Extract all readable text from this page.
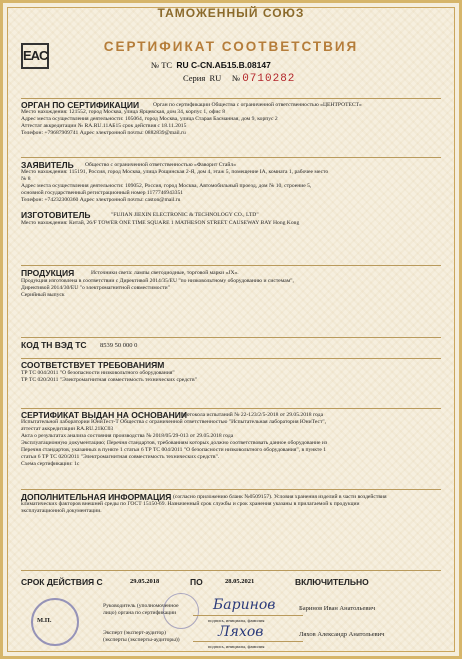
ТАМОЖЕННЫЙ СОЮЗ
EAC
СЕРТИФИКАТ СООТВЕТСТВИЯ
№ ТС RU C-CN.АБ15.B.08147
Серия RU № 0710282
ОРГАН ПО СЕРТИФИКАЦИИ Орган по сертификации Общества с ограниченной ответственностью «ЦЕНТРОТЕСТ»
Место нахождения: 121552, город Москва, улица Ярцевская, дом 34, корпус 1, офис 8
Адрес места осуществления деятельности: 105064, город Москва, улица Старая Басманная, дом 9, корпус 2
Аттестат аккредитации № RA.RU.11АБ15 срок действия с 18.11.2015
Телефон: +79687909741 Адрес электронной почты: 0882839@mail.ru
ЗАЯВИТЕЛЬ Общество с ограниченной ответственностью «Фаворит Стайл»
Место нахождения: 115191, Россия, город Москва, улица Рощинская 2-Я, дом 4, этаж 5, помещение IA, комната 1, рабочее место
№ 8
Адрес места осуществления деятельности: 109052, Россия, город Москва, Автомобильный проезд, дом № 10, строение 5,
основной государственный регистрационный номер 1177746943351
Телефон: +74232300360 Адрес электронной почты: caston@mail.ru
ИЗГОТОВИТЕЛЬ	"FUJIAN JIEXIN ELECTRONIC & TECHNOLOGY CO., LTD"
Место нахождения: Китай, 26/F TOWER ONE TIME SQUARE 1 MATHESON STREET CAUSEWAY BAY Hong Kong
ПРОДУКЦИЯ	Источники света: лампы светодиодные, торговой марки «JX».
Продукция изготовлена в соответствии с Директивой 2014/35/EU "по низковольтному оборудованию и системам",
Директивой 2014/30/EU "о электромагнитной совместимости"
Серийный выпуск
КОД ТН ВЭД ТС 8539 50 000 0
СООТВЕТСТВУЕТ ТРЕБОВАНИЯМ
ТР ТС 004/2011 "О безопасности низковольтного оборудования"
ТР ТС 020/2011 "Электромагнитная совместимость технических средств"
СЕРТИФИКАТ ВЫДАН НА ОСНОВАНИИ
протокола испытаний № 22-123/2/5-2018 от 29.05.2018 года
Испытательной лаборатории ЮниТест-Т Общества с ограниченной ответственностью "Испытательная лаборатория ЮниТест",
аттестат аккредитации RA.RU.21КС03
Акта о результатах анализа состояния производства № 2018/05/29-013 от 29.05.2018 года
Эксплуатационную документацию; Перечня стандартов, требованиям которых должно соответствовать данное оборудование из
Перечня стандартов, указанных в пункте 1 статьи 6 ТР ТС 004/2011 "О безопасности низковольтного оборудования", в пункте 1
статьи 6 ТР ТС 020/2011 "Электромагнитная совместимость технических средств".
Схема сертификации: 1с
ДОПОЛНИТЕЛЬНАЯ ИНФОРМАЦИЯ (согласно приложению бланк №0509157). Условия хранения изделий в части воздействия
климатических факторов внешней среды по ГОСТ 15150-69. Назначенный срок службы и срок хранения указаны в прилагаемой к продукции
эксплуатационной документации.
СРОК ДЕЙСТВИЯ С	29.05.2018	ПО	28.05.2021	ВКЛЮЧИТЕЛЬНО
М.П.
Руководитель (уполномоченное
лицо) органа по сертификации	Баринов	Баринов Иван Анатольевич
подпись, инициалы, фамилия
Эксперт (эксперт-аудитор)
(эксперты (эксперты-аудиторы))	Ляхов	Ляхов Александр Анатольевич
подпись, инициалы, фамилия
